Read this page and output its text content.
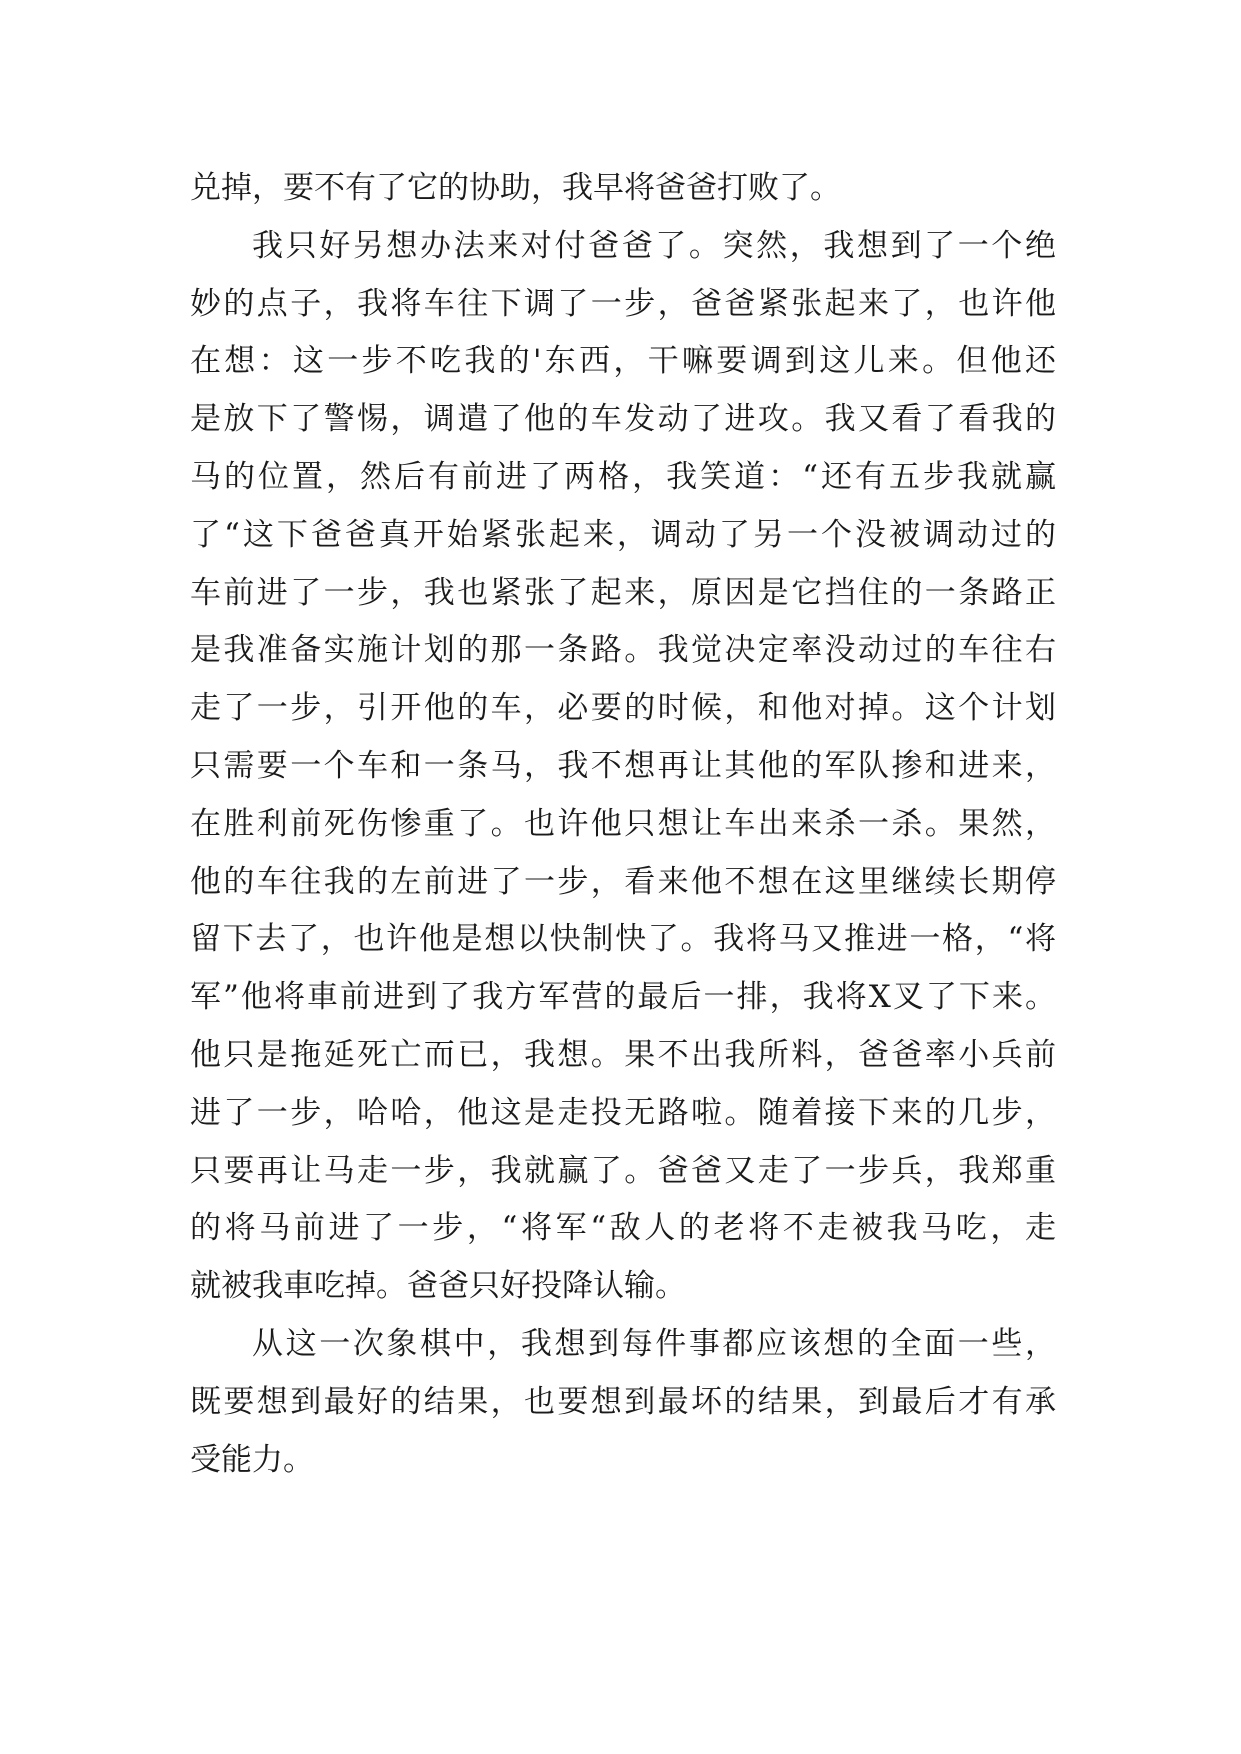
兑掉，要不有了它的协助，我早将爸爸打败了。
我只好另想办法来对付爸爸了。突然，我想到了一个绝
妙的点子，我将车往下调了一步，爸爸紧张起来了，也许他
在想：这一步不吃我的'东西，干嘛要调到这儿来。但他还
是放下了警惕，调遣了他的车发动了进攻。我又看了看我的
马的位置，然后有前进了两格，我笑道：“还有五步我就赢
了“这下爸爸真开始紧张起来，调动了另一个没被调动过的
车前进了一步，我也紧张了起来，原因是它挡住的一条路正
是我准备实施计划的那一条路。我觉决定率没动过的车往右
走了一步，引开他的车，必要的时候，和他对掉。这个计划
只需要一个车和一条马，我不想再让其他的军队掺和进来，
在胜利前死伤惨重了。也许他只想让车出来杀一杀。果然，
他的车往我的左前进了一步，看来他不想在这里继续长期停
留下去了，也许他是想以快制快了。我将马又推进一格，“将
军”他将車前进到了我方军营的最后一排，我将X叉了下来。
他只是拖延死亡而已，我想。果不出我所料，爸爸率小兵前
进了一步，哈哈，他这是走投无路啦。随着接下来的几步，
只要再让马走一步，我就赢了。爸爸又走了一步兵，我郑重
的将马前进了一步，“将军“敌人的老将不走被我马吃，走
就被我車吃掉。爸爸只好投降认输。
从这一次象棋中，我想到每件事都应该想的全面一些，
既要想到最好的结果，也要想到最坏的结果，到最后才有承
受能力。
